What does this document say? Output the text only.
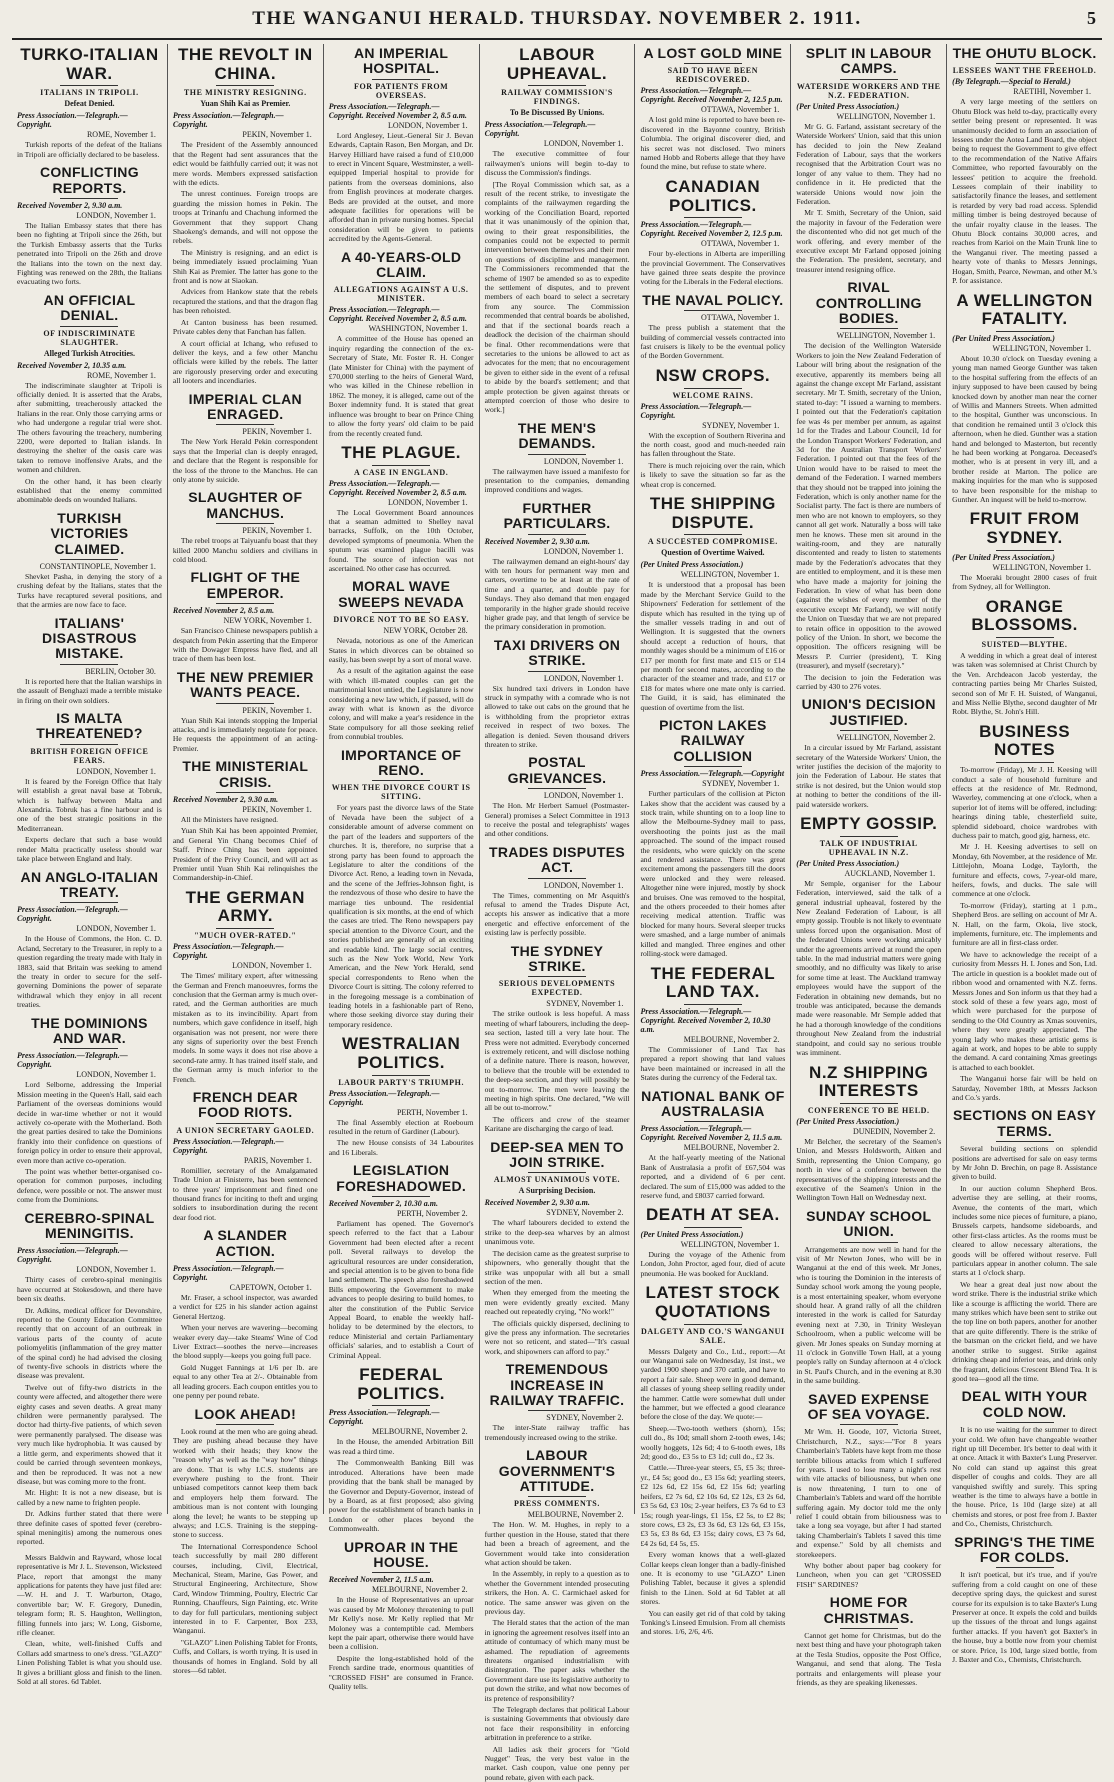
THE WANGANUI HERALD. THURSDAY. NOVEMBER 2. 1911.	5
TURKO-ITALIAN WAR.
ITALIANS IN TRIPOLI.
Defeat Denied.
Press Association.—Telegraph.—Copyright.
ROME, November 1.

Turkish reports of the defeat of the Italians in Tripoli are officially declared to be baseless.

CONFLICTING REPORTS.
Received November 2, 9.30 a.m.
LONDON, November 1.

The Italian Embassy states that there has been no fighting at Tripoli since the 26th, but the Turkish Embassy asserts that the Turks penetrated into Tripoli on the 26th and drove the Italians into the town on the next day. Fighting was renewed on the 28th, the Italians evacuating two forts.

AN OFFICIAL DENIAL.
OF INDISCRIMINATE SLAUGHTER.
Alleged Turkish Atrocities.
Received November 2, 10.35 a.m.
ROME, November 1.

The indiscriminate slaughter at Tripoli is officially denied. It is asserted that the Arabs, after submitting, treacherously attacked the Italians in the rear. Only those carrying arms or who had undergone a regular trial were shot. The others favouring the treachery, numbering 2200, were deported to Italian islands. In destroying the shelter of the oasis care was taken to remove inoffensive Arabs, and the women and children.

On the other hand, it has been clearly established that the enemy committed abominable deeds on wounded Italians.

TURKISH VICTORIES CLAIMED.
CONSTANTINOPLE, November 1.

Shevket Pasha, in denying the story of a crushing defeat by the Italians, states that the Turks have recaptured several positions, and that the armies are now face to face.

ITALIANS' DISASTROUS MISTAKE.
BERLIN, October 30.

It is reported here that the Italian warships in the assault of Benghazi made a terrible mistake in firing on their own soldiers.

IS MALTA THREATENED?
BRITISH FOREIGN OFFICE FEARS.
LONDON, November 1.

It is feared by the Foreign Office that Italy will establish a great naval base at Tobruk, which is halfway between Malta and Alexandria. Tobruk has a fine harbour and is one of the best strategic positions in the Mediterranean.

Experts declare that such a base would render Malta practically useless should war take place between England and Italy.

AN ANGLO-ITALIAN TREATY.
Press Association.—Telegraph.—Copyright.
LONDON, November 1.

In the House of Commons, the Hon. C. D. Acland, Secretary to the Treasurer, in reply to a question regarding the treaty made with Italy in 1883, said that Britain was seeking to amend the treaty in order to secure for the self-governing Dominions the power of separate withdrawal which they enjoy in all recent treaties.

THE DOMINIONS AND WAR.
Press Association.—Telegraph.—Copyright.
LONDON, November 1.

Lord Selborne, addressing the Imperial Mission meeting in the Queen's Hall, said each Parliament of the overseas dominions would decide in war-time whether or not it would actively co-operate with the Motherland. Both the great parties desired to take the Dominions frankly into their confidence on questions of foreign policy in order to ensure their approval, even more than active co-operation.

The point was whether better-organised co-operation for common purposes, including defence, were possible or not. The answer must come from the Dominions.

CEREBRO-SPINAL MENINGITIS.
Press Association.—Telegraph.—Copyright.
LONDON, November 1.

Thirty cases of cerebro-spinal meningitis have occurred at Stokesdown, and there have been six deaths.

Dr. Adkins, medical officer for Devonshire, reported to the County Education Committee recently that on account of an outbreak in various parts of the county of acute poliomyelitis (inflammation of the grey matter of the spinal cord) he had advised the closing of twenty-five schools in districts where the disease was prevalent.

Twelve out of fifty-two districts in the county were affected, and altogether there were eighty cases and seven deaths. A great many children were permanently paralysed. The doctor had thirty-five patients, of which seven were permanently paralysed. The disease was very much like hydrophobia. It was caused by a little germ, and experiments showed that it could be carried through seventeen monkeys, and then be reproduced. It was not a new disease, but was coming more to the front.

Mr. Hight: It is not a new disease, but is called by a new name to frighten people.

Dr. Adkins further stated that there were three definite cases of spotted fever (cerebro-spinal meningitis) among the numerous ones reported.

Messrs Baldwin and Rayward, whose local representative is Mr J. L. Stevenson, Wicksteed Place, report that amongst the many applications for patents they have just filed are:—W. H. and J. T. Warburton, Otago, convertible bar; W. F. Gregory, Dunedin, telegram form; R. S. Haughton, Wellington, filling funnels into jars; W. Long, Gisborne, rifle cleaner.

Clean, white, well-finished Cuffs and Collars add smartness to one's dress. "GLAZO" Linen Polishing Tablet is what you should use. It gives a brilliant gloss and finish to the linen. Sold at all stores. 6d Tablet.

THE REVOLT IN CHINA.
THE MINISTRY RESIGNING.
Yuan Shih Kai as Premier.
Press Association.—Telegraph.—Copyright.
PEKIN, November 1.

The President of the Assembly announced that the Regent had sent assurances that the edict would be faithfully carried out; it was not mere words. Members expressed satisfaction with the edicts.

The unrest continues. Foreign troops are guarding the mission homes in Pekin. The troops at Trinanfu and Chachung informed the Government that they support Chang Shaokeng's demands, and will not oppose the rebels.

The Ministry is resigning, and an edict is being immediately issued proclaiming Yuan Shih Kai as Premier. The latter has gone to the front and is now at Siaokan.

Advices from Hankow state that the rebels recaptured the stations, and that the dragon flag has been rehoisted.

At Canton business has been resumed. Private cables deny that Fanchan has fallen.

A court official at Ichang, who refused to deliver the keys, and a few other Manchu officials were killed by the rebels. The latter are rigorously preserving order and executing all looters and incendiaries.

IMPERIAL CLAN ENRAGED.
PEKIN, November 1.

The New York Herald Pekin correspondent says that the Imperial clan is deeply enraged, and declare that the Regent is responsible for the loss of the throne to the Manchus. He can only atone by suicide.

SLAUGHTER OF MANCHUS.
PEKIN, November 1.

The rebel troops at Taiyuanfu boast that they killed 2000 Manchu soldiers and civilians in cold blood.

FLIGHT OF THE EMPEROR.
Received November 2, 8.5 a.m.
NEW YORK, November 1.

San Francisco Chinese newspapers publish a despatch from Pekin asserting that the Emperor with the Dowager Empress have fled, and all trace of them has been lost.

THE NEW PREMIER WANTS PEACE.
PEKIN, November 1.

Yuan Shih Kai intends stopping the Imperial attacks, and is immediately negotiate for peace. He requests the appointment of an acting-Premier.

THE MINISTERIAL CRISIS.
Received November 2, 9.30 a.m.
PEKIN, November 1.

All the Ministers have resigned.

Yuan Shih Kai has been appointed Premier, and General Yin Chang becomes Chief of Staff. Prince Ching has been appointed President of the Privy Council, and will act as Premier until Yuan Shih Kai relinquishes the Commandership-in-Chief.

THE GERMAN ARMY.
"MUCH OVER-RATED."
Press Association.—Telegraph.—Copyright.
LONDON, November 1.

The Times' military expert, after witnessing the German and French manoeuvres, forms the conclusion that the German army is much over-rated, and the German authorities are much mistaken as to its invincibility. Apart from numbers, which gave confidence in itself, high organisation was not present, nor were there any signs of superiority over the best French models. In some ways it does not rise above a second-rate army. It has trained itself stale, and the German army is much inferior to the French.

FRENCH DEAR FOOD RIOTS.
A UNION SECRETARY GAOLED.
Press Association.—Telegraph.—Copyright.
PARIS, November 1.

Romillier, secretary of the Amalgamated Trade Union at Finisterre, has been sentenced to three years' imprisonment and fined one thousand francs for inciting to theft and urging soldiers to insubordination during the recent dear food riot.

A SLANDER ACTION.
Press Association.—Telegraph.—Copyright.
CAPETOWN, October 1.

Mr. Fraser, a school inspector, was awarded a verdict for £25 in his slander action against General Hertzog.

When your nerves are wavering—becoming weaker every day—take Steams' Wine of Cod Liver Extract—soothes the nerve—increases the blood supply—keeps you going full pace.

Gold Nugget Fannings at 1/6 per lb. are equal to any other Tea at 2/-. Obtainable from all leading grocers. Each coupon entitles you to one penny per pound rebate.

LOOK AHEAD!

Look round at the men who are going ahead. They are pushing ahead because they have worked with their heads; they know the "reason why" as well as the "way how" things are done. That is why I.C.S. students are everywhere pushing to the front. Their unbiased competitors cannot keep them back and employers help them forward. The ambitious man is not content with lounging along the level; he wants to be stepping up always; and I.C.S. Training is the stepping-stone to success.

The International Correspondence School teach successfully by mail 280 different courses, including, Civil, Electrical, Mechanical, Steam, Marine, Gas Power, and Structural Engineering, Architecture, Show Card, Window Trimming, Poultry, Electric Car Running, Chauffeurs, Sign Painting, etc. Write to day for full particulars, mentioning subject interested in to F. Carpenter, Box 233, Wanganui.

"GLAZO" Linen Polishing Tablet for Fronts, Cuffs, and Collars, is worth trying. It is used in thousands of homes in England. Sold by all stores—6d tablet.

AN IMPERIAL HOSPITAL.
FOR PATIENTS FROM OVERSEAS.
Press Association.—Telegraph.—Copyright. Received November 2, 8.5 a.m.
LONDON, November 1.

Lord Anglesey, Lieut.-General Sir J. Bevan Edwards, Captain Rason, Ben Morgan, and Dr. Harvey Hilliard have raised a fund of £10,000 to erect in Vincent Square, Westminster, a well-equipped Imperial hospital to provide for patients from the overseas dominions, also from English provinces at moderate charges. Beds are provided at the outset, and more adequate facilities for operations will be afforded than in private nursing homes. Special consideration will be given to patients accredited by the Agents-General.

A 40-YEARS-OLD CLAIM.
ALLEGATIONS AGAINST A U.S. MINISTER.
Press Association.—Telegraph.—Copyright. Received November 2, 8.5 a.m.
WASHINGTON, November 1.

A committee of the House has opened an inquiry regarding the connection of the ex-Secretary of State, Mr. Foster R. H. Conger (late Minister for China) with the payment of £70,000 sterling to the heirs of General Ward, who was killed in the Chinese rebellion in 1862. The money, it is alleged, came out of the Boxer indemnity fund. It is stated that great influence was brought to bear on Prince Ching to allow the forty years' old claim to be paid from the recently created fund.

THE PLAGUE.
A CASE IN ENGLAND.
Press Association.—Telegraph.—Copyright. Received November 2, 8.5 a.m.
LONDON, November 1.

The Local Government Board announces that a seaman admitted to Shelley naval barracks, Suffolk, on the 10th October, developed symptoms of pneumonia. When the sputum was examined plague bacilli was found. The source of infection was not ascertained. No other case has occurred.

MORAL WAVE SWEEPS NEVADA
DIVORCE NOT TO BE SO EASY.
NEW YORK, October 28.

Nevada, notorious as one of the American States in which divorces can be obtained so easily, has been swept by a sort of moral wave.

As a result of the agitation against the ease with which ill-mated couples can get the matrimonial knot untied, the Legislature is now considering a new law which, if passed, will do away with what is known as the divorce colony, and will make a year's residence in the State compulsory for all those seeking relief from connubial troubles.

IMPORTANCE OF RENO.
WHEN THE DIVORCE COURT IS SITTING.

For years past the divorce laws of the State of Nevada have been the subject of a considerable amount of adverse comment on the part of the leaders and supporters of the churches. It is, therefore, no surprise that a strong party has been found to approach the Legislature to alter the conditions of the Divorce Act. Reno, a leading town in Nevada, and the scene of the Jeffries-Johnson fight, is the rendezvous of those who desire to have the marriage ties unbound. The residential qualification is six months, at the end of which the cases are tried. The Reno newspapers pay special attention to the Divorce Court, and the stories published are generally of an exciting and readable kind. The large social centres, such as the New York World, New York American, and the New York Herald, send special correspondents to Reno when the Divorce Court is sitting. The colony referred to in the foregoing message is a combination of leading hotels in a fashionable part of Reno, where those seeking divorce stay during their temporary residence.

WESTRALIAN POLITICS.
LABOUR PARTY'S TRIUMPH.
Press Association.—Telegraph.—Copyright.
PERTH, November 1.

The final Assembly election at Roebourn resulted in the return of Gardiner (Labour).

The new House consists of 34 Labourites and 16 Liberals.

LEGISLATION FORESHADOWED.
Received November 2, 10.30 a.m.
PERTH, November 2.

Parliament has opened. The Governor's speech referred to the fact that a Labour Government had been elected after a recent poll. Several railways to develop the agricultural resources are under consideration, and special attention is to be given to bona fide land settlement. The speech also foreshadowed Bills empowering the Government to make advances to people desiring to build homes, to alter the constitution of the Public Service Appeal Board, to enable the weekly half-holiday to be determined by the electors, to reduce Ministerial and certain Parliamentary officials' salaries, and to establish a Court of Criminal Appeal.

FEDERAL POLITICS.
Press Association.—Telegraph.—Copyright.
MELBOURNE, November 2.

In the House, the amended Arbitration Bill was read a third time.

The Commonwealth Banking Bill was introduced. Alterations have been made providing that the bank shall be managed by the Governor and Deputy-Governor, instead of by a Board, as at first proposed; also giving power for the establishment of branch banks in London or other places beyond the Commonwealth.

UPROAR IN THE HOUSE.
Received November 2, 11.5 a.m.
MELBOURNE, November 2.

In the House of Representatives an uproar was caused by Mr Moloney threatening to pull Mr Kelly's nose. Mr Kelly replied that Mr Moloney was a contemptible cad. Members kept the pair apart, otherwise there would have been a collision.

Despite the long-established hold of the French sardine trade, enormous quantities of "CROSSED FISH" are consumed in France. Quality tells.

LABOUR UPHEAVAL.
RAILWAY COMMISSION'S FINDINGS.
To Be Discussed By Unions.
Press Association.—Telegraph.—Copyright.
LONDON, November 1.

The executive committee of four railwaymen's unions will begin to-day to discuss the Commission's findings.

[The Royal Commission which sat, as a result of the recent strike, to investigate the complaints of the railwaymen regarding the working of the Conciliation Board, reported that it was unanimously of the opinion that, owing to their great responsibilities, the companies could not be expected to permit intervention between themselves and their men on questions of discipline and management. The Commissioners recommended that the scheme of 1907 be amended so as to expedite the settlement of disputes, and to prevent members of each board to select a secretary from any source. The Commission recommended that central boards be abolished, and that if the sectional boards reach a deadlock the decision of the chairman should be final. Other recommendations were that secretaries to the unions be allowed to act as advocates for the men; that no encouragement be given to either side in the event of a refusal to abide by the board's settlement; and that ample protection be given against threats or attempted coercion of those who desire to work.]

THE MEN'S DEMANDS.
LONDON, November 1.

The railwaymen have issued a manifesto for presentation to the companies, demanding improved conditions and wages.

FURTHER PARTICULARS.
Received November 2, 9.30 a.m.
LONDON, November 1.

The railwaymen demand an eight-hours' day with ten hours for permanent way men and carters, overtime to be at least at the rate of time and a quarter, and double pay for Sundays. They also demand that men engaged temporarily in the higher grade should receive higher grade pay, and that length of service be the primary consideration in promotion.

TAXI DRIVERS ON STRIKE.
LONDON, November 1.

Six hundred taxi drivers in London have struck in sympathy with a comrade who is not allowed to take out cabs on the ground that he is withholding from the proprietor extras received in respect of two boxes. The allegation is denied. Seven thousand drivers threaten to strike.

POSTAL GRIEVANCES.
LONDON, November 1.

The Hon. Mr Herbert Samuel (Postmaster-General) promises a Select Committee in 1913 to receive the postal and telegraphists' wages and other conditions.

TRADES DISPUTES ACT.
LONDON, November 1.

The Times, commenting on Mr Asquith's refusal to amend the Trades Dispute Act, accepts his answer as indicative that a more energetic and effective enforcement of the existing law is perfectly possible.

THE SYDNEY STRIKE.
SERIOUS DEVELOPMENTS EXPECTED.
SYDNEY, November 1.

The strike outlook is less hopeful. A mass meeting of wharf labourers, including the deep-sea section, lasted till a very late hour. The Press were not admitted. Everybody concerned is extremely reticent, and will disclose nothing of a definite nature. There is reason, however, to believe that the trouble will be extended to the deep-sea section, and they will possibly be out to-morrow. The men were leaving the meeting in high spirits. One declared, "We will all be out to-morrow."

The officers and crew of the steamer Karitane are discharging the cargo of lead.

DEEP-SEA MEN TO JOIN STRIKE.
ALMOST UNANIMOUS VOTE.
A Surprising Decision.
Received November 2, 9.30 a.m.
SYDNEY, November 2.

The wharf labourers decided to extend the strike to the deep-sea wharves by an almost unanimous vote.

The decision came as the greatest surprise to shipowners, who generally thought that the strike was unpopular with all but a small section of the men.

When they emerged from the meeting the men were evidently greatly excited. Many reached out repeatedly crying, "No work!"

The officials quickly dispersed, declining to give the press any information. The secretaries were not so reticent, and stated—"It's casual work, and shipowners can afford to pay."

TREMENDOUS INCREASE IN RAILWAY TRAFFIC.
SYDNEY, November 2.

The inter-State railway traffic has tremendously increased owing to the strike.

LABOUR GOVERNMENT'S ATTITUDE.
PRESS COMMENTS.
MELBOURNE, November 2.

The Hon. W. M. Hughes, in reply to a further question in the House, stated that there had been a breach of agreement, and the Government would take into consideration what action should be taken.

In the Assembly, in reply to a question as to whether the Government intended prosecuting strikers, the Hon. A. C. Carmichael asked for notice. The same answer was given on the previous day.

The Herald states that the action of the man in ignoring the agreement resolves itself into an attitude of contumacy of which many must be ashamed. The repudiation of agreements threatens organised industrialism with disintegration. The paper asks whether the Government dare use its legislative authority to put down the strike, and what now becomes of its pretence of responsibility?

The Telegraph declares that political Labour is sustaining Governments that obviously dare not face their responsibility in enforcing arbitration in preference to a strike.

All ladies ask their grocers for "Gold Nugget" Teas, the very best value in the market. Cash coupon, value one penny per pound rebate, given with each pack.

A LOST GOLD MINE
SAID TO HAVE BEEN REDISCOVERED.
Press Association.—Telegraph.—Copyright. Received November 2, 12.5 p.m.
OTTAWA, November 1.

A lost gold mine is reported to have been re-discovered in the Bayonne country, British Columbia. The original discoverer died, and his secret was not disclosed. Two miners named Hobb and Roberts allege that they have found the mine, but refuse to state where.

CANADIAN POLITICS.
Press Association.—Telegraph.—Copyright. Received November 2, 12.5 p.m.
OTTAWA, November 1.

Four by-elections in Alberta are imperilling the provincial Government. The Conservatives have gained three seats despite the province voting for the Liberals in the Federal elections.

THE NAVAL POLICY.
OTTAWA, November 1.

The press publish a statement that the building of commercial vessels contracted into fast cruisers is likely to be the eventual policy of the Borden Government.

NSW CROPS.
WELCOME RAINS.
Press Association.—Telegraph.—Copyright.
SYDNEY, November 1.

With the exception of Southern Riverina and the north coast, good and much-needed rain has fallen throughout the State.

There is much rejoicing over the rain, which is likely to save the situation so far as the wheat crop is concerned.

THE SHIPPING DISPUTE.
A SUCCESTED COMPROMISE.
Question of Overtime Waived.
(Per United Press Association.)
WELLINGTON, November 1.

It is understood that a proposal has been made by the Merchant Service Guild to the Shipowners' Federation for settlement of the dispute which has resulted in the tying up of the smaller vessels trading in and out of Wellington. It is suggested that the owners should accept a reduction of hours, that monthly wages should be a minimum of £16 or £17 per month for first mate and £15 or £14 per month for second mates, according to the character of the steamer and trade, and £17 or £18 for mates where one mate only is carried. The Guild, it is said, has eliminated the question of overtime from the list.

PICTON LAKES RAILWAY COLLISION
Press Association.—Telegraph.—Copyright
SYDNEY, November 1.

Further particulars of the collision at Picton Lakes show that the accident was caused by a stock train, while shunting on to a loop line to allow the Melbourne-Sydney mail to pass, overshooting the points just as the mail approached. The sound of the impact roused the residents, who were quickly on the scene and rendered assistance. There was great excitement among the passengers till the doors were unlocked and they were released. Altogether nine were injured, mostly by shock and bruises. One was removed to the hospital, and the others proceeded to their homes after receiving medical attention. Traffic was blocked for many hours. Several sleeper trucks were smashed, and a large number of animals killed and mangled. Three engines and other rolling-stock were damaged.

THE FEDERAL LAND TAX.
Press Association.—Telegraph.—Copyright. Received November 2, 10.30 a.m.
MELBOURNE, November 2.

The Commissioner of Land Tax has prepared a report showing that land values have been maintained or increased in all the States during the currency of the Federal tax.

NATIONAL BANK OF AUSTRALASIA
Press Association.—Telegraph.—Copyright. Received November 2, 11.5 a.m.
MELBOURNE, November 2.

At the half-yearly meeting of the National Bank of Australasia a profit of £67,504 was reported, and a dividend of 6 per cent. declared. The sum of £15,000 was added to the reserve fund, and £8037 carried forward.

DEATH AT SEA.
(Per United Press Association.)
WELLINGTON, November 1.

During the voyage of the Athenic from London, John Proctor, aged four, died of acute pneumonia. He was booked for Auckland.

LATEST STOCK QUOTATIONS
DALGETY AND CO.'S WANGANUI SALE.

Messrs Dalgety and Co., Ltd., report:—At our Wanganui sale on Wednesday, 1st inst., we yarded 1900 sheep and 370 cattle, and have to report a fair sale. Sheep were in good demand, all classes of young sheep selling readily under the hammer. Cattle were somewhat dull under the hammer, but we effected a good clearance before the close of the day. We quote:—

Sheep.—Two-tooth wethers (shorn), 15s; cull do., 8s 10d; small shorn 2-tooth ewes, 14s; woolly hoggets, 12s 6d; 4 to 6-tooth ewes, 18s 2d; good do., £3 5s to £3 1d; cull do., £2 3s.

Cattle.—Three-year steers, £5, £5 3s; three-yr., £4 5s; good do., £3 15s 6d; yearling steers, £2 12s 6d, £2 15s 6d, £2 15s 6d; yearling heifers, £2 7s 6d, £2 10s 6d, £2 12s, £3 2s 6d, £3 5s 6d, £3 10s; 2-year heifers, £3 7s 6d to £3 15s; rough year-lings, £1 15s, £2 5s, to £2 8s; store cows, £3 2s, £3 3s 6d, £3 12s 6d, £3 15s, £3 5s, £3 8s 6d, £3 15s; dairy cows, £3 7s 6d, £4 2s 6d, £4 5s, £5.

Every woman knows that a well-glazed Collar keeps clean longer than a badly-finished one. It is economy to use "GLAZO" Linen Polishing Tablet, because it gives a splendid finish to the Linen. Sold at 6d Tablet at all stores.

You can easily get rid of that cold by taking Tonking's Linseed Emulsion. From all chemists and stores. 1/6, 2/6, 4/6.

SPLIT IN LABOUR CAMPS.
WATERSIDE WORKERS AND THE N.Z. FEDERATION.
(Per United Press Association.)
WELLINGTON, November 1.

Mr G. G. Farland, assistant secretary of the Waterside Workers' Union, said that this union has decided to join the New Zealand Federation of Labour, says that the workers recognised that the Arbitration Court was no longer of any value to them. They had no confidence in it. He predicted that the waterside Unions would now join the Federation.

Mr T. Smith, Secretary of the Union, said the majority in favour of the Federation were the discontented who did not get much of the work offering, and every member of the executive except Mr Farland opposed joining the Federation. The president, secretary, and treasurer intend resigning office.

RIVAL CONTROLLING BODIES.
WELLINGTON, November 1.

The decision of the Wellington Waterside Workers to join the New Zealand Federation of Labour will bring about the resignation of the executive, apparently its members being all against the change except Mr Farland, assistant secretary. Mr T. Smith, secretary of the Union, stated to-day: "I issued a warning to members. I pointed out that the Federation's capitation fee was 4s per member per annum, as against 1d for the Trades and Labour Council, 1d for the London Transport Workers' Federation, and 3d for the Australian Transport Workers' Federation. I pointed out that the fees of the Union would have to be raised to meet the demand of the Federation. I warned members that they should not be trapped into joining the Federation, which is only another name for the Socialist party. The fact is there are numbers of men who are not known to employers, so they cannot all get work. Naturally a boss will take men he knows. These men sit around in the waiting-room, and they are naturally discontented and ready to listen to statements made by the Federation's advocates that they are entitled to employment, and it is these men who have made a majority for joining the Federation. In view of what has been done (against the wishes of every member of the executive except Mr Farland), we will notify the Union on Tuesday that we are not prepared to retain office in opposition to the avowed policy of the Union. In short, we become the opposition. The officers resigning will be Messrs P. Currier (president), T. King (treasurer), and myself (secretary)."

The decision to join the Federation was carried by 430 to 276 votes.

UNION'S DECISION JUSTIFIED.
WELLINGTON, November 2.

In a circular issued by Mr Farland, assistant secretary of the Waterside Workers' Union, the writer justifies the decision of the majority to join the Federation of Labour. He states that strike is not desired, but the Union would stop at nothing to better the conditions of the ill-paid waterside workers.

EMPTY GOSSIP.
TALK OF INDUSTRIAL UPHEAVAL IN N.Z.
(Per United Press Association.)
AUCKLAND, November 1.

Mr Semple, organiser for the Labour Federation, interviewed, said the talk of a general industrial upheaval, fostered by the New Zealand Federation of Labour, is all empty gossip. Trouble is not likely to eventuate unless forced upon the organisation. Most of the federated Unions were working amicably under the agreements arrived at round the open table. In the mad industrial matters were going smoothly, and no difficulty was likely to arise for some time at least. The Auckland tramway employees would have the support of the Federation in obtaining new demands, but no trouble was anticipated, because the demands made were reasonable. Mr Semple added that he had a thorough knowledge of the conditions throughout New Zealand from the industrial standpoint, and could say no serious trouble was imminent.

N.Z SHIPPING INTERESTS
CONFERENCE TO BE HELD.
(Per United Press Association.)
DUNEDIN, November 2.

Mr Belcher, the secretary of the Seamen's Union, and Messrs Holdsworth, Aitken and Smith, representing the Union Company, go north in view of a conference between the representatives of the shipping interests and the executive of the Seamen's Union in the Wellington Town Hall on Wednesday next.

SUNDAY SCHOOL UNION.

Arrangements are now well in hand for the visit of Mr Newton Jones, who will be in Wanganui at the end of this week. Mr Jones, who is touring the Dominion in the interests of Sunday school work among the young people, is a most entertaining speaker, whom everyone should hear. A grand rally of all the children interested in the work is called for Saturday evening next at 7.30, in Trinity Wesleyan Schoolroom, when a public welcome will be given. Mr Jones speaks on Sunday morning at 11 o'clock in Gonville Town Hall, at a young people's rally on Sunday afternoon at 4 o'clock in St. Paul's Church, and in the evening at 8.30 in the same building.

SAVED EXPENSE OF SEA VOYAGE.

Mr Wm. H. Goode, 107, Victoria Street, Christchurch, N.Z., says:—"For 8 years Chamberlain's Tablets have kept from me those terrible bilious attacks from which I suffered for years. I used to lose many a night's rest with vile attacks of biliousness, but when one is now threatening, I turn to one of Chamberlain's Tablets and ward off the horrible suffering again. My doctor told me the only relief I could obtain from biliousness was to take a long sea voyage, but after I had started taking Chamberlain's Tablets I saved this time and expense." Sold by all chemists and storekeepers.

Why bother about paper bag cookery for Luncheon, when you can get "CROSSED FISH" SARDINES?

HOME FOR CHRISTMAS.

Cannot get home for Christmas, but do the next best thing and have your photograph taken at the Tesla Studios, opposite the Post Office, Wanganui, and send that along. The Tesla portraits and enlargements will please your friends, as they are speaking likenesses.

THE OHUTU BLOCK.
LESSEES WANT THE FREEHOLD.
(By Telegraph.—Special to Herald.)
RAETIHI, November 1.

A very large meeting of the settlers on Ohutu Block was held to-day, practically every settler being present or represented. It was unanimously decided to form an association of lessees under the Aotea Land Board, the object being to request the Government to give effect to the recommendation of the Native Affairs Committee, who reported favourably on the lessees' petition to acquire the freehold. Lessees complain of their inability to satisfactorily finance the leases, and settlement is retarded by very bad road access. Splendid milling timber is being destroyed because of the unfair royalty clause in the leases. The Ohutu Block contains 30,000 acres, and reaches from Karioi on the Main Trunk line to the Wanganui river. The meeting passed a hearty vote of thanks to Messrs Jennings, Hogan, Smith, Pearce, Newman, and other M.'s P. for assistance.

A WELLINGTON FATALITY.
(Per United Press Association.)
WELLINGTON, November 1.

About 10.30 o'clock on Tuesday evening a young man named George Gunther was taken to the hospital suffering from the effects of an injury supposed to have been caused by being knocked down by another man near the corner of Willis and Manners Streets. When admitted to the hospital, Gunther was unconscious. In that condition he remained until 3 o'clock this afternoon, when he died. Gunther was a station hand and belonged to Masterton, but recently he had been working at Pongaroa. Deceased's mother, who is at present in very ill, and a brother reside at Marton. The police are making inquiries for the man who is supposed to have been responsible for the mishap to Gunther. An inquest will be held to-morrow.

FRUIT FROM SYDNEY.
(Per United Press Association.)
WELLINGTON, November 1.

The Moeraki brought 2800 cases of fruit from Sydney, all for Wellington.

ORANGE BLOSSOMS.
SUISTED—BLYTHE.

A wedding in which a great deal of interest was taken was solemnised at Christ Church by the Ven. Archdeacon Jacob yesterday, the contracting parties being Mr Charles Suisted, second son of Mr F. H. Suisted, of Wanganui, and Miss Nellie Blythe, second daughter of Mr Robt. Blythe, St. John's Hill.

BUSINESS NOTES

To-morrow (Friday), Mr J. H. Keesing will conduct a sale of household furniture and effects at the residence of Mr. Redmond, Waverley, commencing at one o'clock, when a superior lot of items will be offered, including: hearings dining table, chesterfield suite, splendid sideboard, choice wardrobes with duchess pair to match, good gig, harness, etc.

Mr J. H. Keesing advertises to sell on Monday, 6th November, at the residence of Mr. Littlejohn, Moana Lodge, Taylorth, the furniture and effects, cows, 7-year-old mare, heifers, fowls, and ducks. The sale will commence at one o'clock.

To-morrow (Friday), starting at 1 p.m., Shepherd Bros. are selling on account of Mr A. N. Hall, on the farm, Okoia, live stock, implements, furniture, etc. The implements and furniture are all in first-class order.

We have to acknowledge the receipt of a curiosity from Messrs H. I. Jones and Son, Ltd. The article in question is a booklet made out of ribbon wood and ornamented with N.Z. ferns. Messrs Jones and Son inform us that they had a stock sold of these a few years ago, most of which were purchased for the purpose of sending to the Old Country as Xmas souvenirs, where they were greatly appreciated. The young lady who makes these artistic gems is again at work, and hopes to be able to supply the demand. A card containing Xmas greetings is attached to each booklet.

The Wanganui horse fair will be held on Saturday, November 18th, at Messrs Jackson and Co.'s yards.

SECTIONS ON EASY TERMS.

Several building sections on splendid positions are advertised for sale on easy terms by Mr John D. Brechin, on page 8. Assistance given to build.

In our auction column Shepherd Bros. advertise they are selling, at their rooms, Avenue, the contents of the mart, which includes some nice pieces of furniture, a piano, Brussels carpets, handsome sideboards, and other first-class articles. As the rooms must be cleared to allow necessary alterations, the goods will be offered without reserve. Full particulars appear in another column. The sale starts at 1 o'clock sharp.

We hear a great deal just now about the word strike. There is the industrial strike which like a scourge is afflicting the world. There are many strikes which have been sent to strike out the top line on both papers, another for another that are quite differently. There is the strike of the batsman on the cricket field, and we have another strike to suggest. Strike against drinking cheap and inferior teas, and drink only the fragrant, delicious Crescent Blend Tea. It is good tea—good all the time.

DEAL WITH YOUR COLD NOW.

It is no use waiting for the summer to direct your cold. We often have changeable weather right up till December. It's better to deal with it at once. Attack it with Baxter's Lung Preserver. No cold can stand up against this great dispeller of coughs and colds. They are all vanquished swiftly and surely. This spring weather is the time to always have a bottle in the house. Price, 1s 10d (large size) at all chemists and stores, or post free from J. Baxter and Co., Chemists, Christchurch.

SPRING'S THE TIME FOR COLDS.

It isn't poetical, but it's true, and if you're suffering from a cold caught on one of these deceptive spring days, the quickest and surest course for its expulsion is to take Baxter's Lung Preserver at once. It expels the cold and builds up the tissues of the throat and lungs against further attacks. If you haven't got Baxter's in the house, buy a bottle now from your chemist or store. Price, 1s 10d, large sized bottle, from J. Baxter and Co., Chemists, Christchurch.
